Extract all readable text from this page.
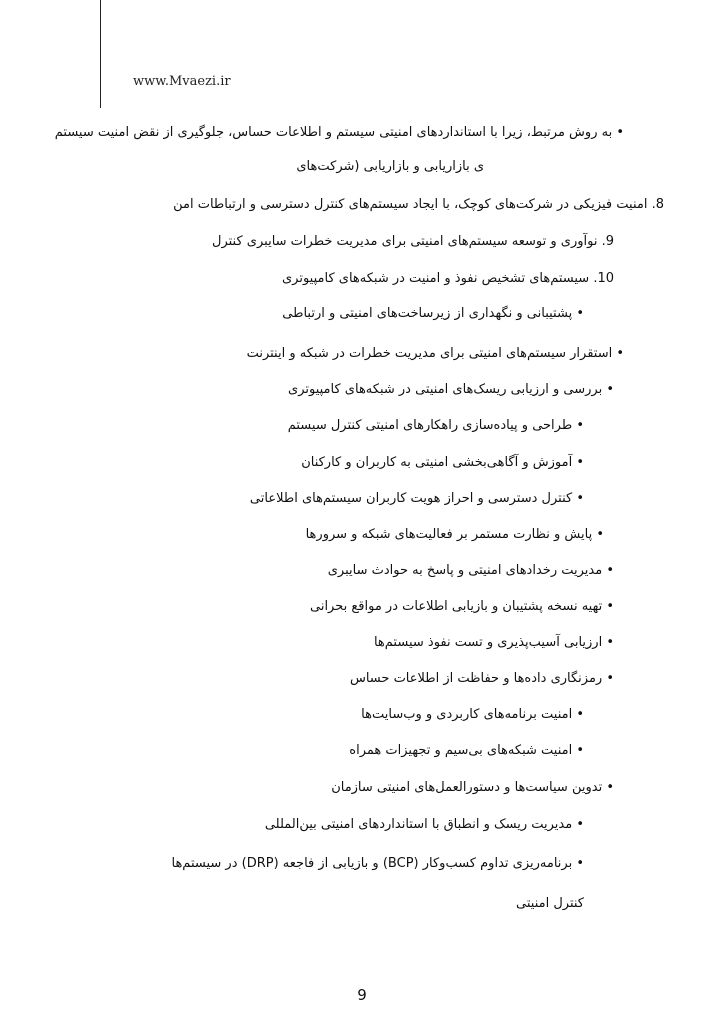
www.Mvaezi.ir
• به روش مرتبط، زیرا با استانداردهای امنیتی سیستم و اطلاعات حساس، جلوگیری از نقض امنیت سیستم
ی بازاریابی و بازاریابی (شرکت‌های
8. امنیت فیزیکی در شرکت‌های کوچک، با ایجاد سیستم‌های کنترل دسترسی و ارتباطات امن
9. نوآوری و توسعه سیستم‌های امنیتی برای مدیریت خطرات سایبری کنترل
10. سیستم‌های تشخیص نفوذ و امنیت در شبکه‌های کامپیوتری
• پشتیبانی و نگهداری از زیرساخت‌های امنیتی و ارتباطی
• استقرار سیستم‌های امنیتی برای مدیریت خطرات در شبکه و اینترنت
• بررسی و ارزیابی ریسک‌های امنیتی در شبکه‌های کامپیوتری
• طراحی و پیاده‌سازی راهکارهای امنیتی کنترل سیستم
• آموزش و آگاهی‌بخشی امنیتی به کاربران و کارکنان
• کنترل دسترسی و احراز هویت کاربران سیستم‌های اطلاعاتی
• پایش و نظارت مستمر بر فعالیت‌های شبکه و سرورها
• مدیریت رخدادهای امنیتی و پاسخ به حوادث سایبری
• تهیه نسخه پشتیبان و بازیابی اطلاعات در مواقع بحرانی
• ارزیابی آسیب‌پذیری و تست نفوذ سیستم‌ها
• رمزنگاری داده‌ها و حفاظت از اطلاعات حساس
• امنیت برنامه‌های کاربردی و وب‌سایت‌ها
• امنیت شبکه‌های بی‌سیم و تجهیزات همراه
• تدوین سیاست‌ها و دستورالعمل‌های امنیتی سازمان
• مدیریت ریسک و انطباق با استانداردهای امنیتی بین‌المللی
• برنامه‌ریزی تداوم کسب‌وکار (BCP) و بازیابی از فاجعه (DRP) در سیستم‌ها
کنترل امنیتی
9
